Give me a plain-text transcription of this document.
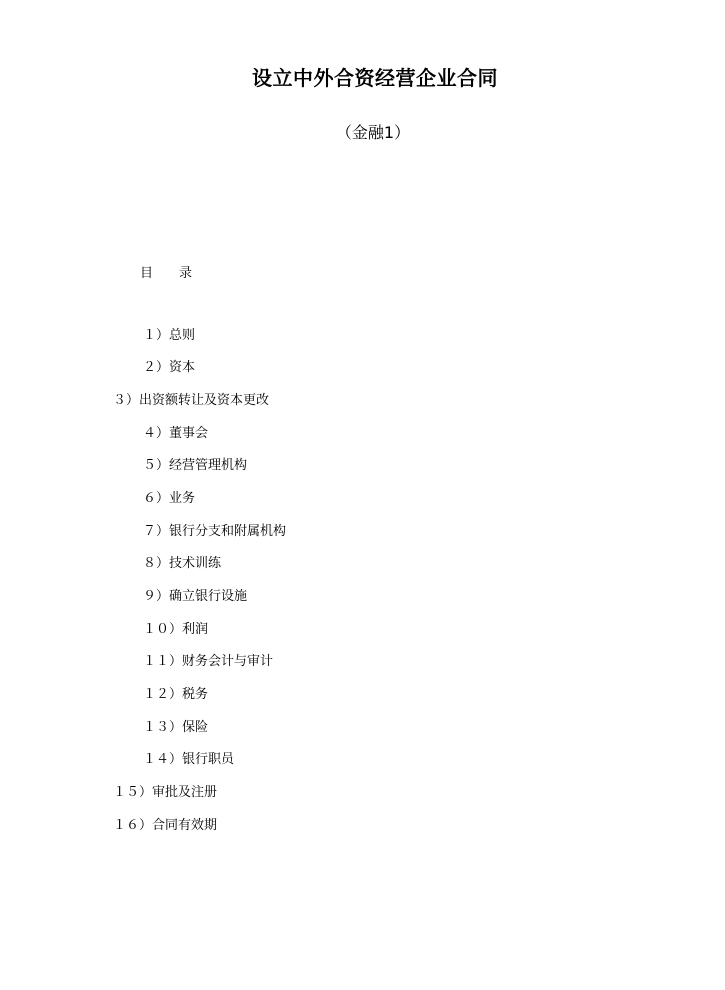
设立中外合资经营企业合同
（金融1）
目　　录
１）总则
２）资本
３）出资额转让及资本更改
４）董事会
５）经营管理机构
６）业务
７）银行分支和附属机构
８）技术训练
９）确立银行设施
１０）利润
１１）财务会计与审计
１２）税务
１３）保险
１４）银行职员
１５）审批及注册
１６）合同有效期
